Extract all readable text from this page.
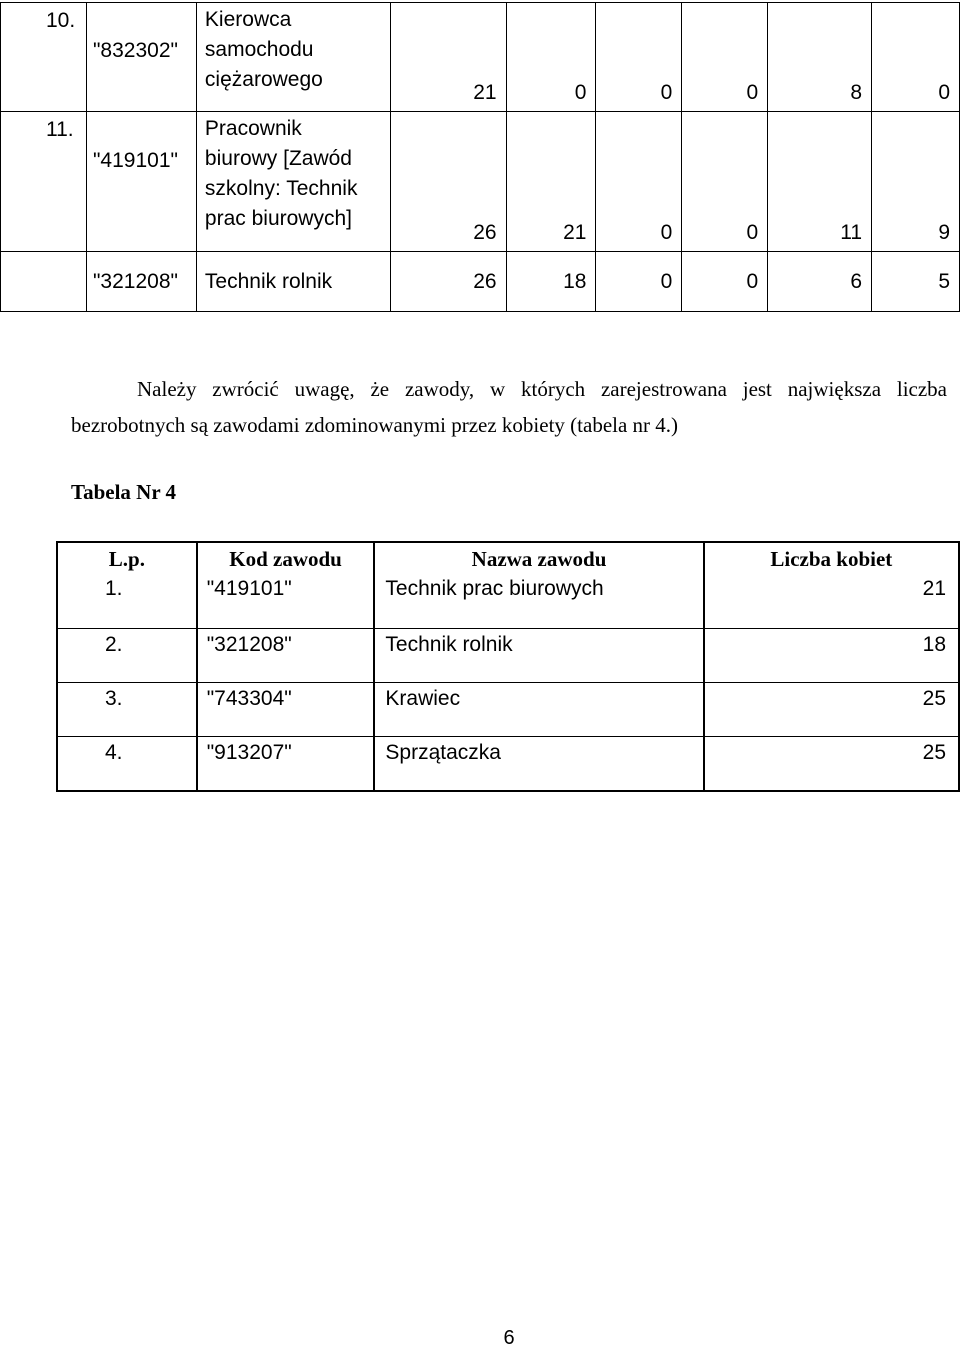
10.	"832302"	Kierowca
samochodu
ciężarowego	21	0	0	0	8	0
11.	"419101"	Pracownik
biurowy [Zawód
szkolny: Technik
prac biurowych]	26	21	0	0	11	9
	"321208"	Technik rolnik	26	18	0	0	6	5
Należy zwrócić uwagę, że zawody, w których zarejestrowana jest największa liczba bezrobotnych są zawodami zdominowanymi przez kobiety (tabela nr 4.)
Tabela Nr 4
L.p.	Kod zawodu	Nazwa zawodu	Liczba kobiet

1.	"419101"	Technik prac biurowych	21

2.	"321208"	Technik rolnik	18

3.	"743304"	Krawiec	25

4.	"913207"	Sprzątaczka	25
6
